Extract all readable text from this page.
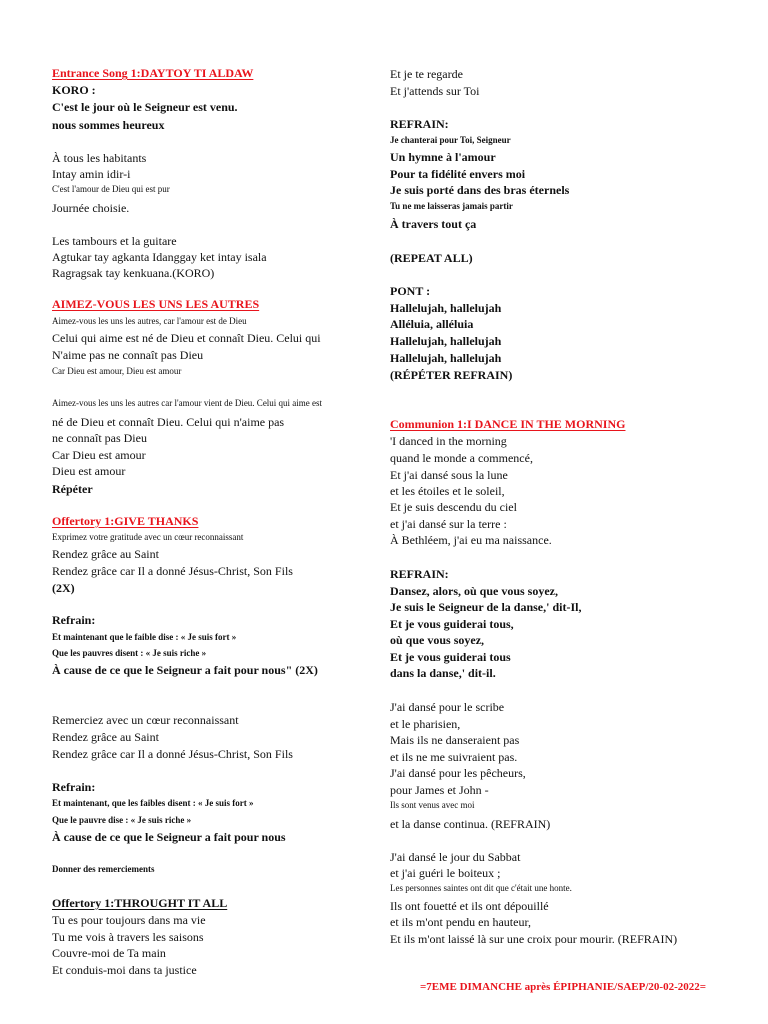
Entrance Song 1:DAYTOY TI ALDAW
KORO :
C'est le jour où le Seigneur est venu.
nous sommes heureux
À tous les habitants
Intay amin idir-i
C'est l'amour de Dieu qui est pur
Journée choisie.
Les tambours et la guitare
Agtukar tay agkanta Idanggay ket intay isala
Ragragsak tay kenkuana.(KORO)
AIMEZ-VOUS LES UNS LES AUTRES
Aimez-vous les uns les autres, car l'amour est de Dieu
Celui qui aime est né de Dieu et connaît Dieu. Celui qui
N'aime pas ne connaît pas Dieu
Car Dieu est amour, Dieu est amour
Aimez-vous les uns les autres car l'amour vient de Dieu. Celui qui aime est
né de Dieu et connaît Dieu. Celui qui n'aime pas
ne connaît pas Dieu
Car Dieu est amour
Dieu est amour
Répéter
Offertory 1:GIVE THANKS
Exprimez votre gratitude avec un cœur reconnaissant
Rendez grâce au Saint
Rendez grâce car Il a donné Jésus-Christ, Son Fils
(2X)
Refrain:
Et maintenant que le faible dise : « Je suis fort »
Que les pauvres disent : « Je suis riche »
À cause de ce que le Seigneur a fait pour nous" (2X)
Remerciez avec un cœur reconnaissant
Rendez grâce au Saint
Rendez grâce car Il a donné Jésus-Christ, Son Fils
Refrain:
Et maintenant, que les faibles disent : « Je suis fort »
Que le pauvre dise : « Je suis riche »
À cause de ce que le Seigneur a fait pour nous
Donner des remerciements
Offertory 1:THROUGHT IT ALL
Tu es pour toujours dans ma vie
Tu me vois à travers les saisons
Couvre-moi de Ta main
Et conduis-moi dans ta justice
Et je te regarde
Et j'attends sur Toi
REFRAIN:
Je chanterai pour Toi, Seigneur
Un hymne à l'amour
Pour ta fidélité envers moi
Je suis porté dans des bras éternels
Tu ne me laisseras jamais partir
À travers tout ça
(REPEAT ALL)
PONT :
Hallelujah, hallelujah
Alléluia, alléluia
Hallelujah, hallelujah
Hallelujah, hallelujah
(RÉPÉTER REFRAIN)
Communion 1:I DANCE IN THE MORNING
'I danced in the morning
quand le monde a commencé,
Et j'ai dansé sous la lune
et les étoiles et le soleil,
Et je suis descendu du ciel
et j'ai dansé sur la terre :
À Bethléem, j'ai eu ma naissance.
REFRAIN:
Dansez, alors, où que vous soyez,
Je suis le Seigneur de la danse,' dit-Il,
Et je vous guiderai tous,
où que vous soyez,
Et je vous guiderai tous
dans la danse,' dit-il.
J'ai dansé pour le scribe
et le pharisien,
Mais ils ne danseraient pas
et ils ne me suivraient pas.
J'ai dansé pour les pêcheurs,
pour James et John -
Ils sont venus avec moi
et la danse continua. (REFRAIN)
J'ai dansé le jour du Sabbat
et j'ai guéri le boiteux ;
Les personnes saintes ont dit que c'était une honte.
Ils ont fouetté et ils ont dépouillé
et ils m'ont pendu en hauteur,
Et ils m'ont laissé là sur une croix pour mourir. (REFRAIN)
=7EME DIMANCHE après ÉPIPHANIE/SAEP/20-02-2022=
